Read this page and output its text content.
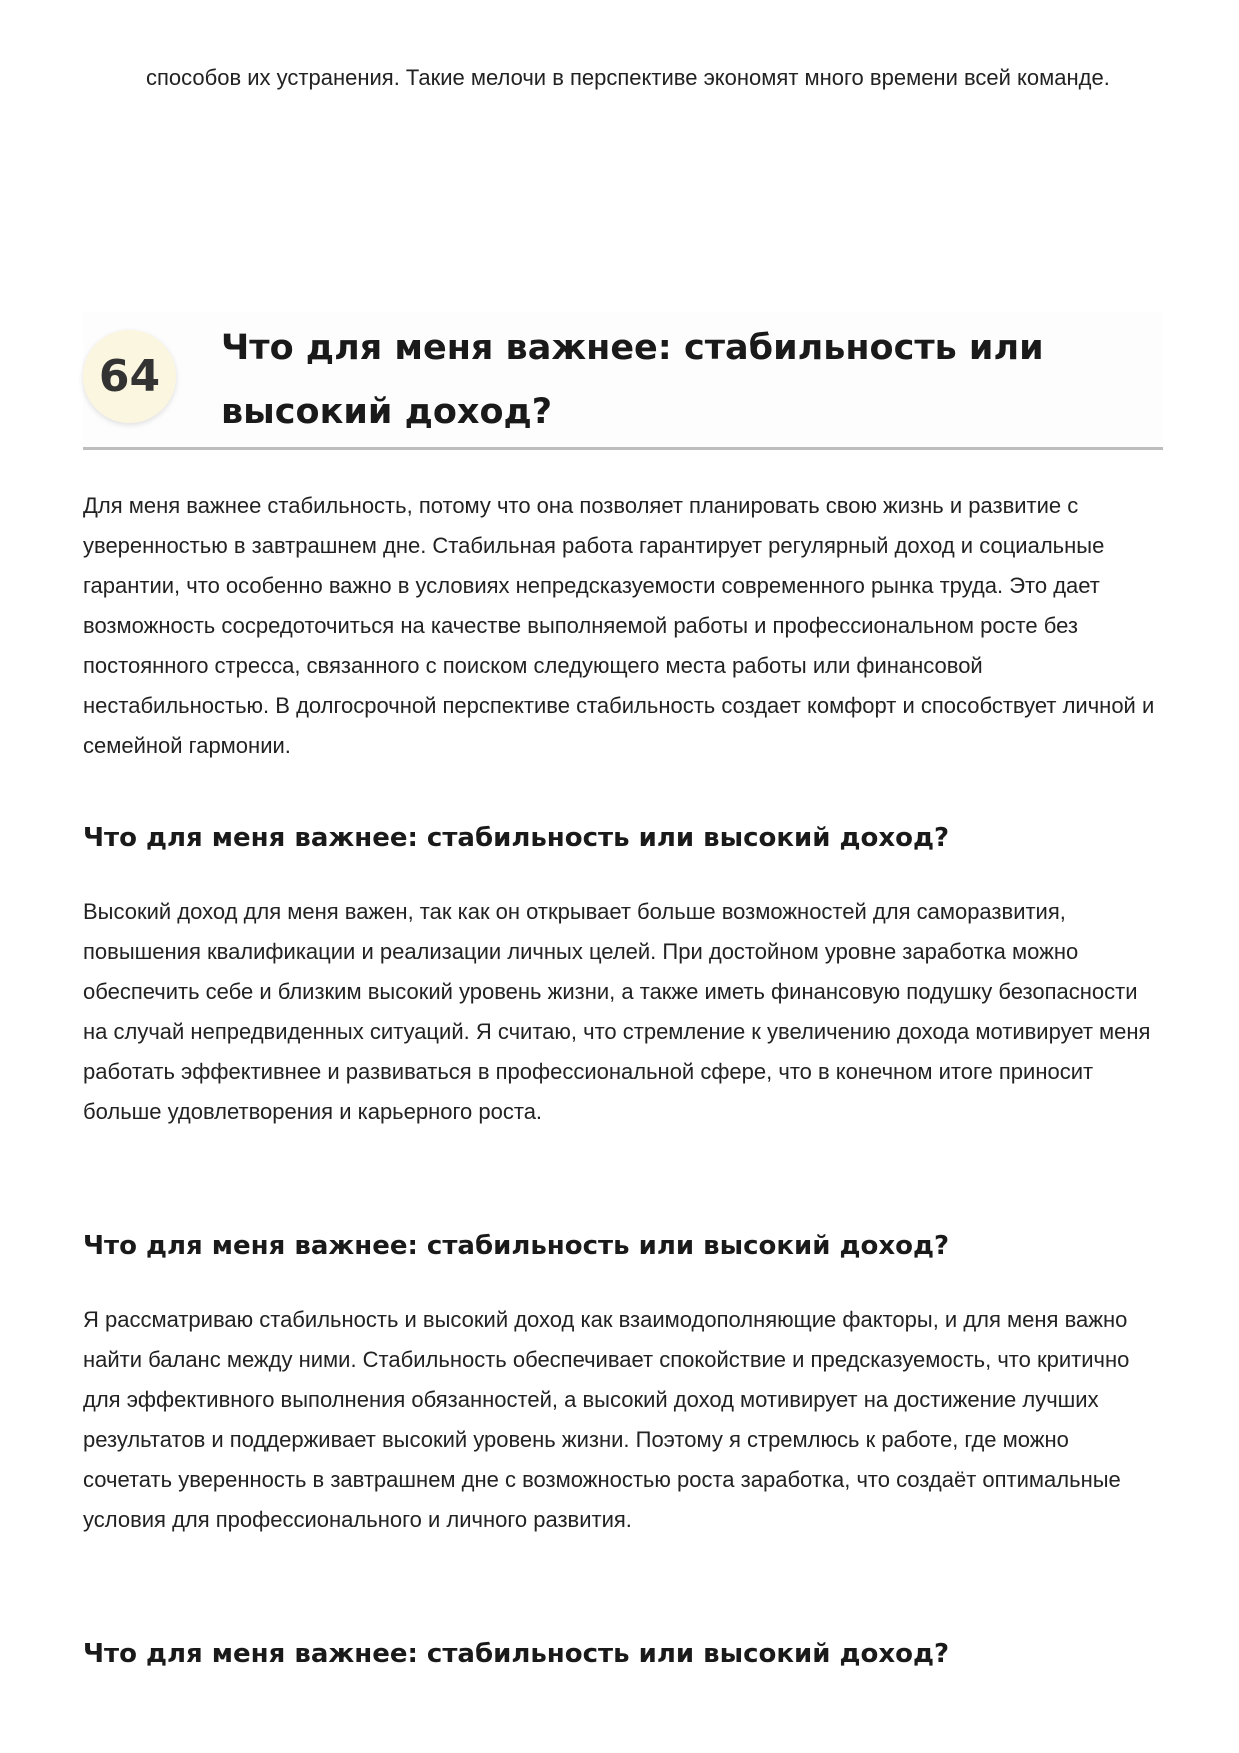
способов их устранения. Такие мелочи в перспективе экономят много времени всей команде.

64
Что для меня важнее: стабильность или высокий доход?

Для меня важнее стабильность, потому что она позволяет планировать свою жизнь и развитие с уверенностью в завтрашнем дне. Стабильная работа гарантирует регулярный доход и социальные гарантии, что особенно важно в условиях непредсказуемости современного рынка труда. Это дает возможность сосредоточиться на качестве выполняемой работы и профессиональном росте без постоянного стресса, связанного с поиском следующего места работы или финансовой нестабильностью. В долгосрочной перспективе стабильность создает комфорт и способствует личной и семейной гармонии.

Что для меня важнее: стабильность или высокий доход?

Высокий доход для меня важен, так как он открывает больше возможностей для саморазвития, повышения квалификации и реализации личных целей. При достойном уровне заработка можно обеспечить себе и близким высокий уровень жизни, а также иметь финансовую подушку безопасности на случай непредвиденных ситуаций. Я считаю, что стремление к увеличению дохода мотивирует меня работать эффективнее и развиваться в профессиональной сфере, что в конечном итоге приносит больше удовлетворения и карьерного роста.

Что для меня важнее: стабильность или высокий доход?

Я рассматриваю стабильность и высокий доход как взаимодополняющие факторы, и для меня важно найти баланс между ними. Стабильность обеспечивает спокойствие и предсказуемость, что критично для эффективного выполнения обязанностей, а высокий доход мотивирует на достижение лучших результатов и поддерживает высокий уровень жизни. Поэтому я стремлюсь к работе, где можно сочетать уверенность в завтрашнем дне с возможностью роста заработка, что создаёт оптимальные условия для профессионального и личного развития.

Что для меня важнее: стабильность или высокий доход?
